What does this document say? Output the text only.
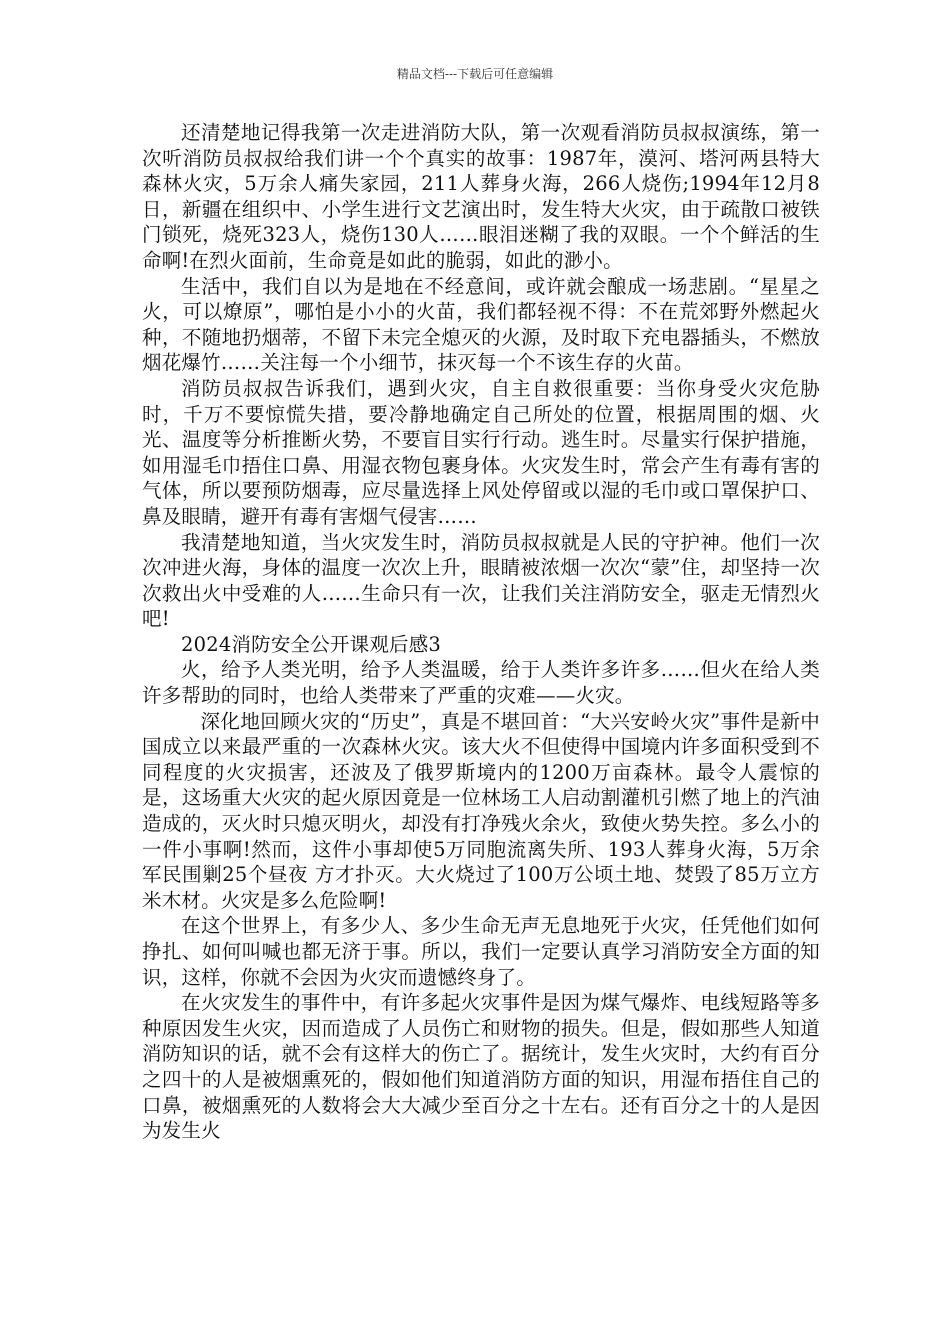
精品文档---下载后可任意编辑

还清楚地记得我第一次走进消防大队，第一次观看消防员叔叔演练，第一次听消防员叔叔给我们讲一个个真实的故事：1987年，漠河、塔河两县特大森林火灾，5万余人痛失家园，211人葬身火海，266人烧伤;1994年12月8日，新疆在组织中、小学生进行文艺演出时，发生特大火灾，由于疏散口被铁门锁死，烧死323人，烧伤130人……眼泪迷糊了我的双眼。一个个鲜活的生命啊!在烈火面前，生命竟是如此的脆弱，如此的渺小。

生活中，我们自以为是地在不经意间，或许就会酿成一场悲剧。“星星之火，可以燎原”，哪怕是小小的火苗，我们都轻视不得：不在荒郊野外燃起火种，不随地扔烟蒂，不留下未完全熄灭的火源，及时取下充电器插头，不燃放烟花爆竹……关注每一个小细节，抹灭每一个不该生存的火苗。

消防员叔叔告诉我们，遇到火灾，自主自救很重要：当你身受火灾危胁时，千万不要惊慌失措，要冷静地确定自己所处的位置，根据周围的烟、火光、温度等分析推断火势，不要盲目实行行动。逃生时。尽量实行保护措施，如用湿毛巾捂住口鼻、用湿衣物包裹身体。火灾发生时，常会产生有毒有害的气体，所以要预防烟毒，应尽量选择上风处停留或以湿的毛巾或口罩保护口、鼻及眼睛，避开有毒有害烟气侵害……

我清楚地知道，当火灾发生时，消防员叔叔就是人民的守护神。他们一次次冲进火海，身体的温度一次次上升，眼睛被浓烟一次次“蒙”住，却坚持一次次救出火中受难的人……生命只有一次，让我们关注消防安全，驱走无情烈火吧!

2024消防安全公开课观后感3

火，给予人类光明，给予人类温暖，给于人类许多许多……但火在给人类许多帮助的同时，也给人类带来了严重的灾难——火灾。

深化地回顾火灾的“历史”，真是不堪回首：“大兴安岭火灾”事件是新中国成立以来最严重的一次森林火灾。该大火不但使得中国境内许多面积受到不同程度的火灾损害，还波及了俄罗斯境内的1200万亩森林。最令人震惊的是，这场重大火灾的起火原因竟是一位林场工人启动割灌机引燃了地上的汽油造成的，灭火时只熄灭明火，却没有打净残火余火，致使火势失控。多么小的一件小事啊!然而，这件小事却使5万同胞流离失所、193人葬身火海，5万余军民围剿25个昼夜 方才扑灭。大火烧过了100万公顷土地、焚毁了85万立方米木材。火灾是多么危险啊!

在这个世界上，有多少人、多少生命无声无息地死于火灾，任凭他们如何挣扎、如何叫喊也都无济于事。所以，我们一定要认真学习消防安全方面的知识，这样，你就不会因为火灾而遗憾终身了。

在火灾发生的事件中，有许多起火灾事件是因为煤气爆炸、电线短路等多种原因发生火灾，因而造成了人员伤亡和财物的损失。但是，假如那些人知道消防知识的话，就不会有这样大的伤亡了。据统计，发生火灾时，大约有百分之四十的人是被烟熏死的，假如他们知道消防方面的知识，用湿布捂住自己的口鼻，被烟熏死的人数将会大大减少至百分之十左右。还有百分之十的人是因为发生火
